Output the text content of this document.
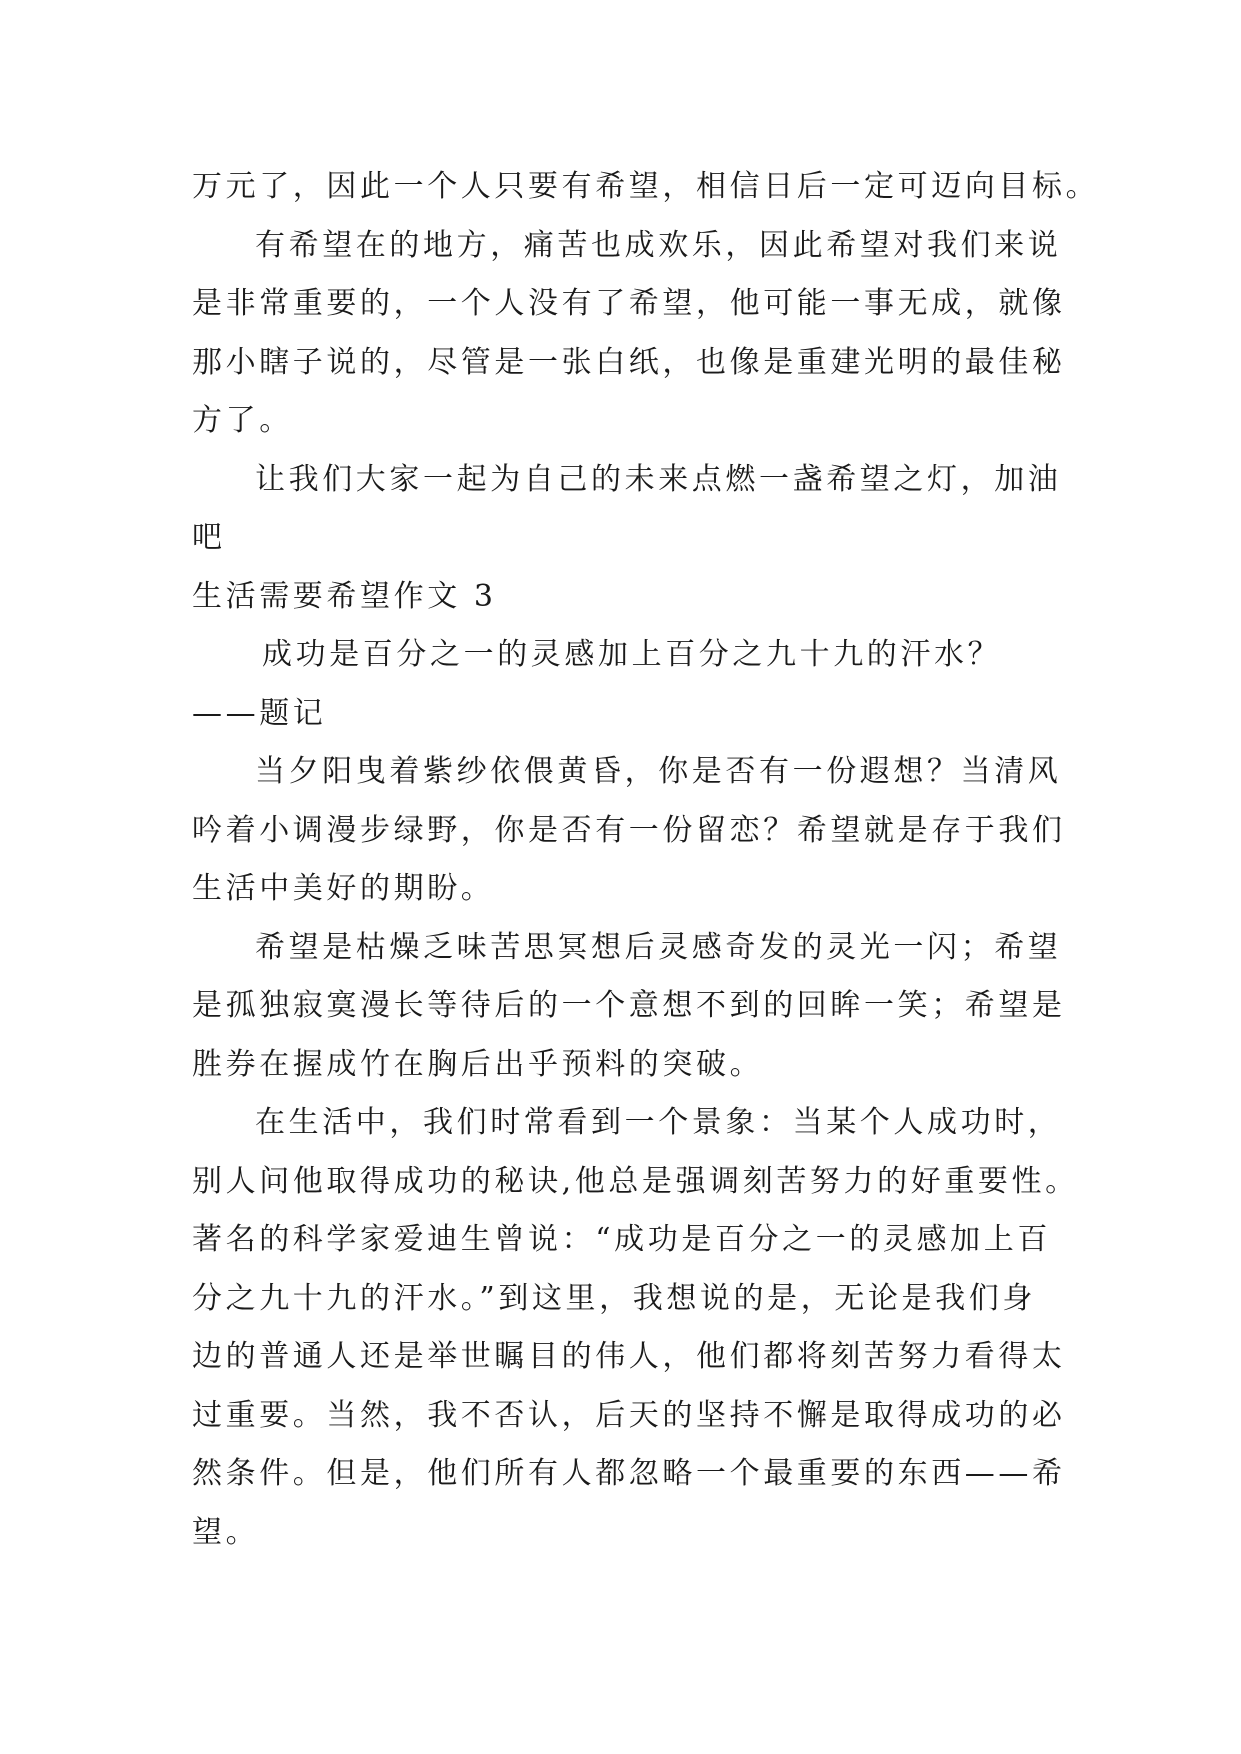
万元了，因此一个人只要有希望，相信日后一定可迈向目标。
有希望在的地方，痛苦也成欢乐，因此希望对我们来说
是非常重要的，一个人没有了希望，他可能一事无成，就像
那小瞎子说的，尽管是一张白纸，也像是重建光明的最佳秘
方了。
让我们大家一起为自己的未来点燃一盏希望之灯，加油
吧
生活需要希望作文 3
成功是百分之一的灵感加上百分之九十九的汗水？
——题记
当夕阳曳着紫纱依偎黄昏，你是否有一份遐想？当清风
吟着小调漫步绿野，你是否有一份留恋？希望就是存于我们
生活中美好的期盼。
希望是枯燥乏味苦思冥想后灵感奇发的灵光一闪；希望
是孤独寂寞漫长等待后的一个意想不到的回眸一笑；希望是
胜券在握成竹在胸后出乎预料的突破。
在生活中，我们时常看到一个景象：当某个人成功时，
别人问他取得成功的秘诀,他总是强调刻苦努力的好重要性。
著名的科学家爱迪生曾说：“成功是百分之一的灵感加上百
分之九十九的汗水。”到这里，我想说的是，无论是我们身
边的普通人还是举世瞩目的伟人，他们都将刻苦努力看得太
过重要。当然，我不否认，后天的坚持不懈是取得成功的必
然条件。但是，他们所有人都忽略一个最重要的东西——希
望。
